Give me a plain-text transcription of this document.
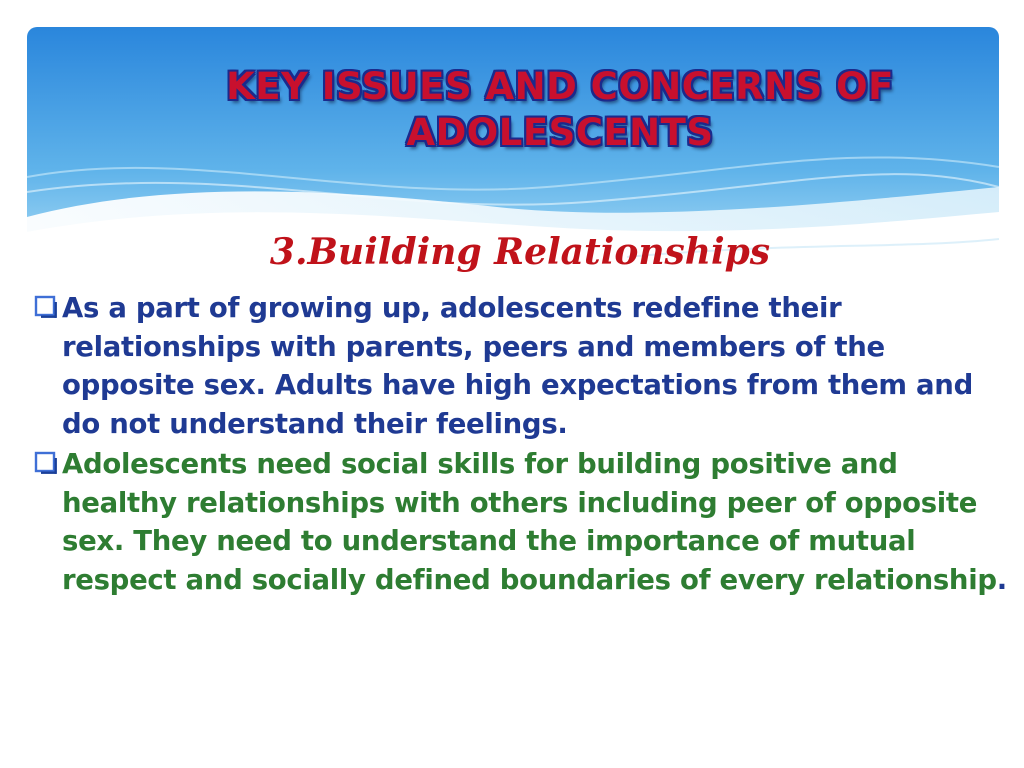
KEY ISSUES AND CONCERNS OF
ADOLESCENTS
3.Building Relationships
As a part of growing up, adolescents redefine their relationships with parents, peers and members of the opposite sex. Adults have high expectations from them and do not understand their feelings.
Adolescents need social skills for building positive and healthy relationships with others including peer of opposite sex. They need to understand the importance of mutual respect and socially defined boundaries of every relationship.
